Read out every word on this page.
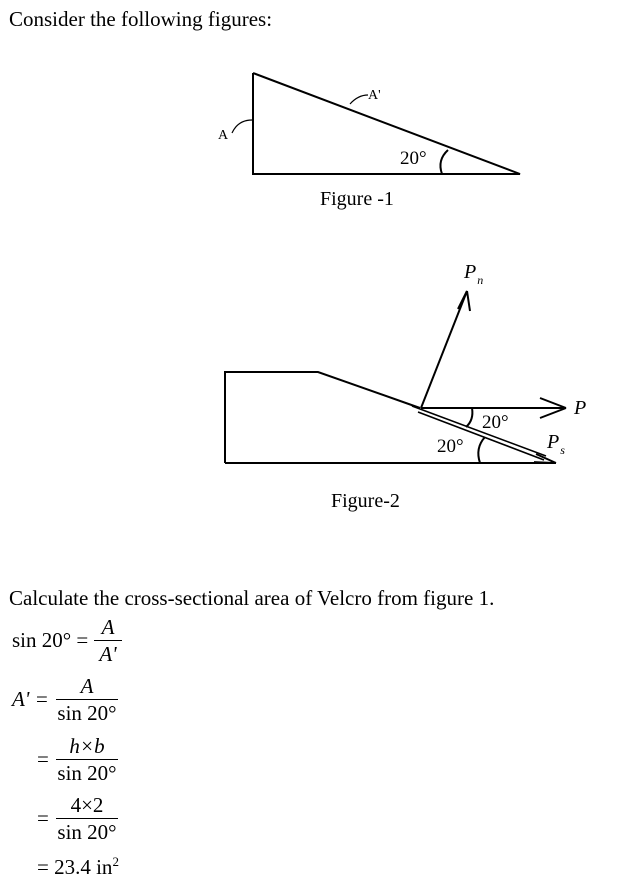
Consider the following figures:
A
A'
20°
Figure -1
$P_n$
P
$P_s$
20°
20°
Figure-2
Calculate the cross-sectional area of Velcro from figure 1.
sin 20° =
A
A'
A' =
A
sin 20°
=
h×b
sin 20°
=
4×2
sin 20°
= 23.4 $in^2$
